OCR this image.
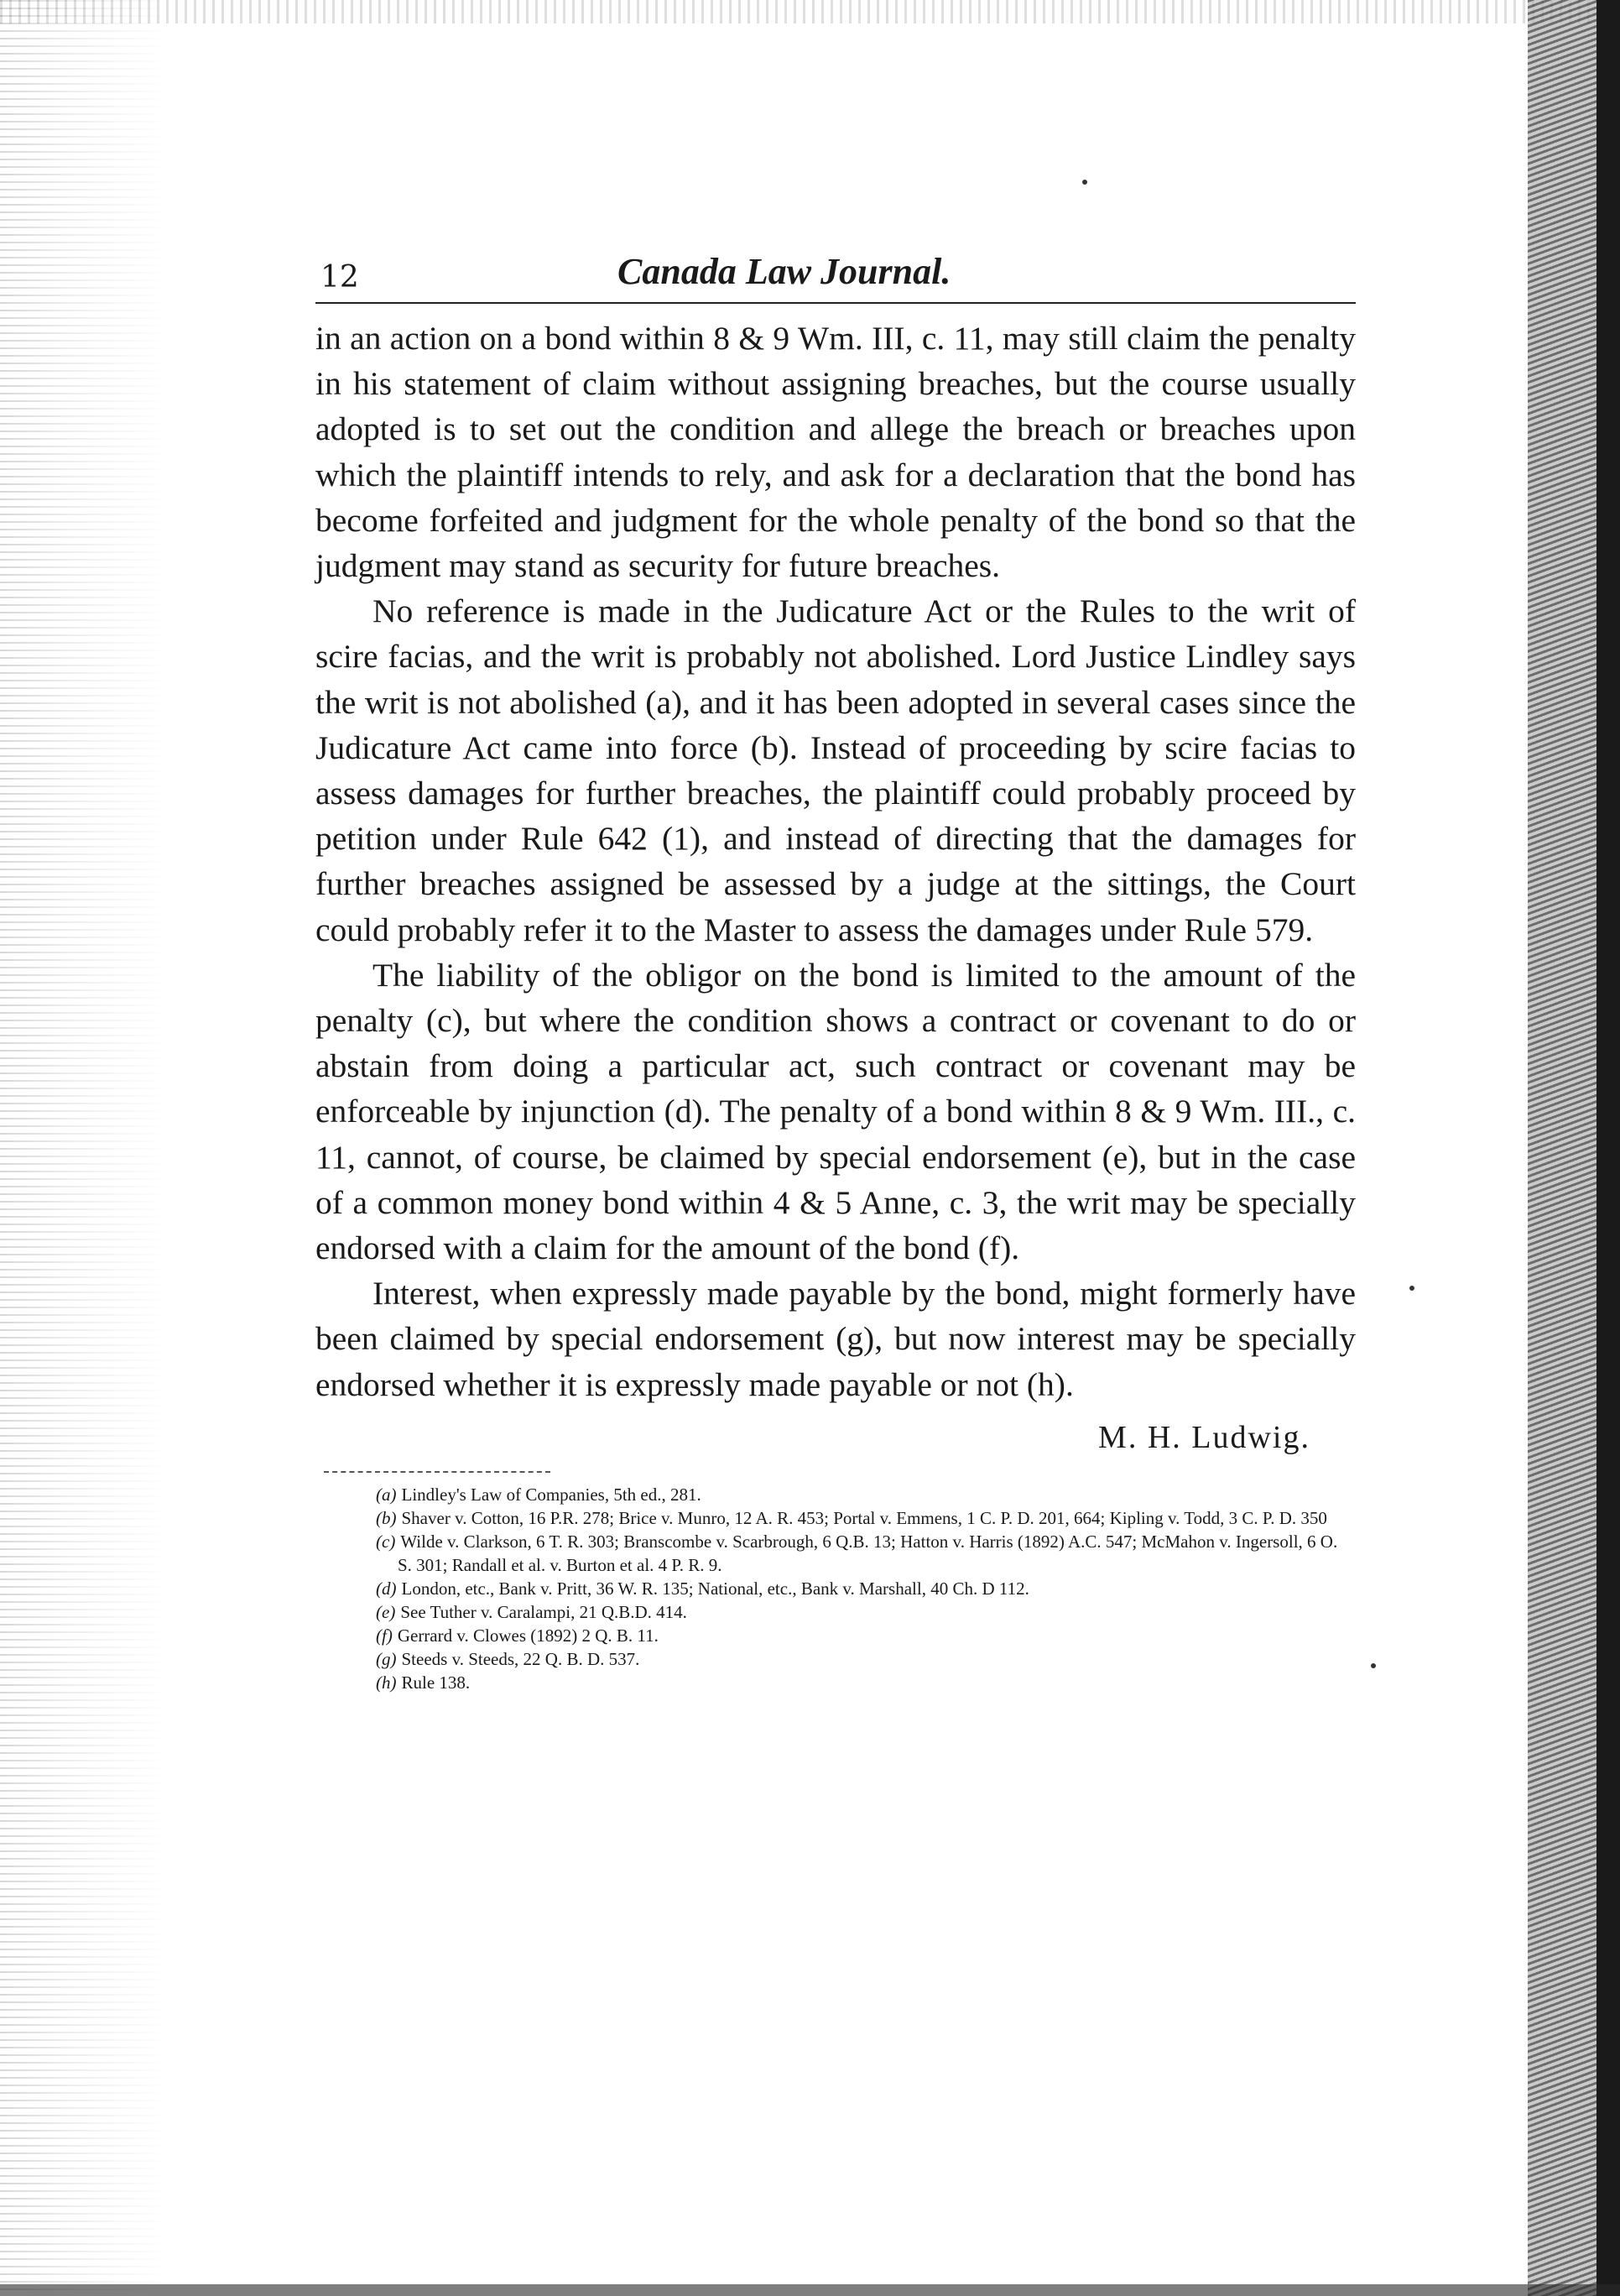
12	Canada Law Journal.

in an action on a bond within 8 & 9 Wm. III, c. 11, may still claim the penalty in his statement of claim without assigning breaches, but the course usually adopted is to set out the condition and allege the breach or breaches upon which the plaintiff intends to rely, and ask for a declaration that the bond has become forfeited and judgment for the whole penalty of the bond so that the judgment may stand as security for future breaches.

No reference is made in the Judicature Act or the Rules to the writ of scire facias, and the writ is probably not abolished. Lord Justice Lindley says the writ is not abolished (a), and it has been adopted in several cases since the Judicature Act came into force (b). Instead of proceeding by scire facias to assess damages for further breaches, the plaintiff could probably proceed by petition under Rule 642 (1), and instead of directing that the damages for further breaches assigned be assessed by a judge at the sittings, the Court could probably refer it to the Master to assess the damages under Rule 579.

The liability of the obligor on the bond is limited to the amount of the penalty (c), but where the condition shows a contract or covenant to do or abstain from doing a particular act, such contract or covenant may be enforceable by injunction (d). The penalty of a bond within 8 & 9 Wm. III., c. 11, cannot, of course, be claimed by special endorsement (e), but in the case of a common money bond within 4 & 5 Anne, c. 3, the writ may be specially endorsed with a claim for the amount of the bond (f).

Interest, when expressly made payable by the bond, might formerly have been claimed by special endorsement (g), but now interest may be specially endorsed whether it is expressly made payable or not (h).

M. H. Ludwig.

(a) Lindley's Law of Companies, 5th ed., 281.

(b) Shaver v. Cotton, 16 P.R. 278; Brice v. Munro, 12 A. R. 453; Portal v. Emmens, 1 C. P. D. 201, 664; Kipling v. Todd, 3 C. P. D. 350

(c) Wilde v. Clarkson, 6 T. R. 303; Branscombe v. Scarbrough, 6 Q.B. 13; Hatton v. Harris (1892) A.C. 547; McMahon v. Ingersoll, 6 O. S. 301; Randall et al. v. Burton et al. 4 P. R. 9.

(d) London, etc., Bank v. Pritt, 36 W. R. 135; National, etc., Bank v. Marshall, 40 Ch. D 112.

(e) See Tuther v. Caralampi, 21 Q.B.D. 414.

(f) Gerrard v. Clowes (1892) 2 Q. B. 11.

(g) Steeds v. Steeds, 22 Q. B. D. 537.

(h) Rule 138.
